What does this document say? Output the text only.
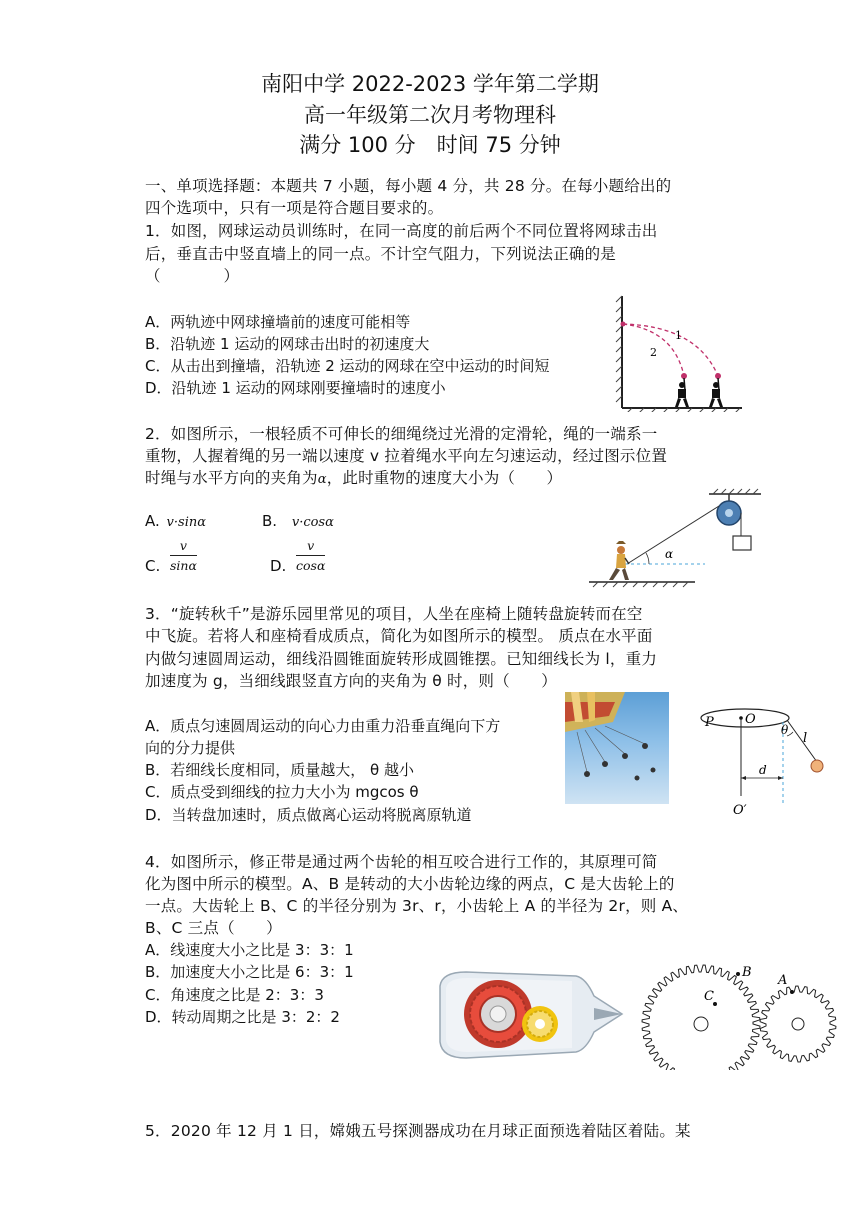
南阳中学 2022-2023 学年第二学期
高一年级第二次月考物理科
满分 100 分　时间 75 分钟
一、单项选择题：本题共 7 小题，每小题 4 分，共 28 分。在每小题给出的
四个选项中，只有一项是符合题目要求的。
1．如图，网球运动员训练时，在同一高度的前后两个不同位置将网球击出
后，垂直击中竖直墙上的同一点。不计空气阻力，下列说法正确的是
（　　　　）
A．两轨迹中网球撞墙前的速度可能相等
B．沿轨迹 1 运动的网球击出时的初速度大
C．从击出到撞墙，沿轨迹 2 运动的网球在空中运动的时间短
D．沿轨迹 1 运动的网球刚要撞墙时的速度小
1
2
2．如图所示，一根轻质不可伸长的细绳绕过光滑的定滑轮，绳的一端系一
重物，人握着绳的另一端以速度 v 拉着绳水平向左匀速运动，经过图示位置
时绳与水平方向的夹角为α，此时重物的速度大小为（　　）
A. v·sinα	B. v·cosα
C. $\frac{v}{\sin\alpha}$	D. $\frac{v}{\cos\alpha}$	α
3．“旋转秋千”是游乐园里常见的项目，人坐在座椅上随转盘旋转而在空
中飞旋。若将人和座椅看成质点，简化为如图所示的模型。 质点在水平面
内做匀速圆周运动，细线沿圆锥面旋转形成圆锥摆。已知细线长为 l，重力
加速度为 g，当细线跟竖直方向的夹角为 θ 时，则（　　）
A．质点匀速圆周运动的向心力由重力沿垂直绳向下方
向的分力提供
B．若细线长度相同，质量越大， θ 越小
C．质点受到细线的拉力大小为 mgcos θ
D．当转盘加速时，质点做离心运动将脱离原轨道
P O
θ
l
d
O′
4．如图所示，修正带是通过两个齿轮的相互咬合进行工作的，其原理可简
化为图中所示的模型。A、B 是转动的大小齿轮边缘的两点，C 是大齿轮上的
一点。大齿轮上 B、C 的半径分别为 3r、r，小齿轮上 A 的半径为 2r，则 A、
B、C 三点（　　）
A．线速度大小之比是 3：3：1
B．加速度大小之比是 6：3：1
C．角速度之比是 2：3：3
D．转动周期之比是 3：2：2
B
C
A
5．2020 年 12 月 1 日，嫦娥五号探测器成功在月球正面预选着陆区着陆。某
